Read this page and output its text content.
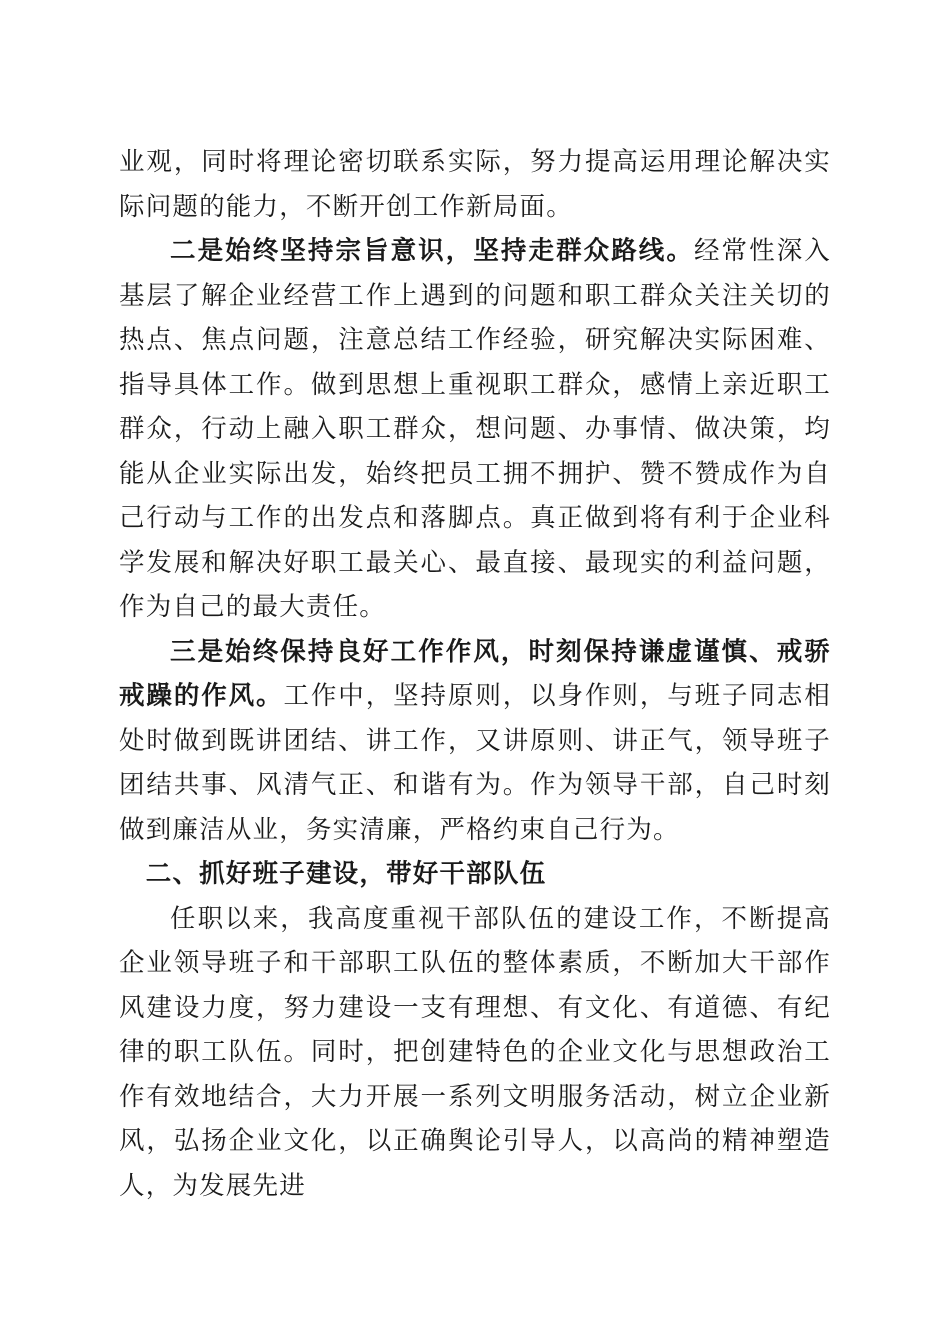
业观，同时将理论密切联系实际，努力提高运用理论解决实际问题的能力，不断开创工作新局面。

二是始终坚持宗旨意识，坚持走群众路线。经常性深入基层了解企业经营工作上遇到的问题和职工群众关注关切的热点、焦点问题，注意总结工作经验，研究解决实际困难、指导具体工作。做到思想上重视职工群众，感情上亲近职工群众，行动上融入职工群众，想问题、办事情、做决策，均能从企业实际出发，始终把员工拥不拥护、赞不赞成作为自己行动与工作的出发点和落脚点。真正做到将有利于企业科学发展和解决好职工最关心、最直接、最现实的利益问题，作为自己的最大责任。

三是始终保持良好工作作风，时刻保持谦虚谨慎、戒骄戒躁的作风。工作中，坚持原则，以身作则，与班子同志相处时做到既讲团结、讲工作，又讲原则、讲正气，领导班子团结共事、风清气正、和谐有为。作为领导干部，自己时刻做到廉洁从业，务实清廉，严格约束自己行为。

二、抓好班子建设，带好干部队伍

任职以来，我高度重视干部队伍的建设工作，不断提高企业领导班子和干部职工队伍的整体素质，不断加大干部作风建设力度，努力建设一支有理想、有文化、有道德、有纪律的职工队伍。同时，把创建特色的企业文化与思想政治工作有效地结合，大力开展一系列文明服务活动，树立企业新风，弘扬企业文化，以正确舆论引导人，以高尚的精神塑造人，为发展先进
